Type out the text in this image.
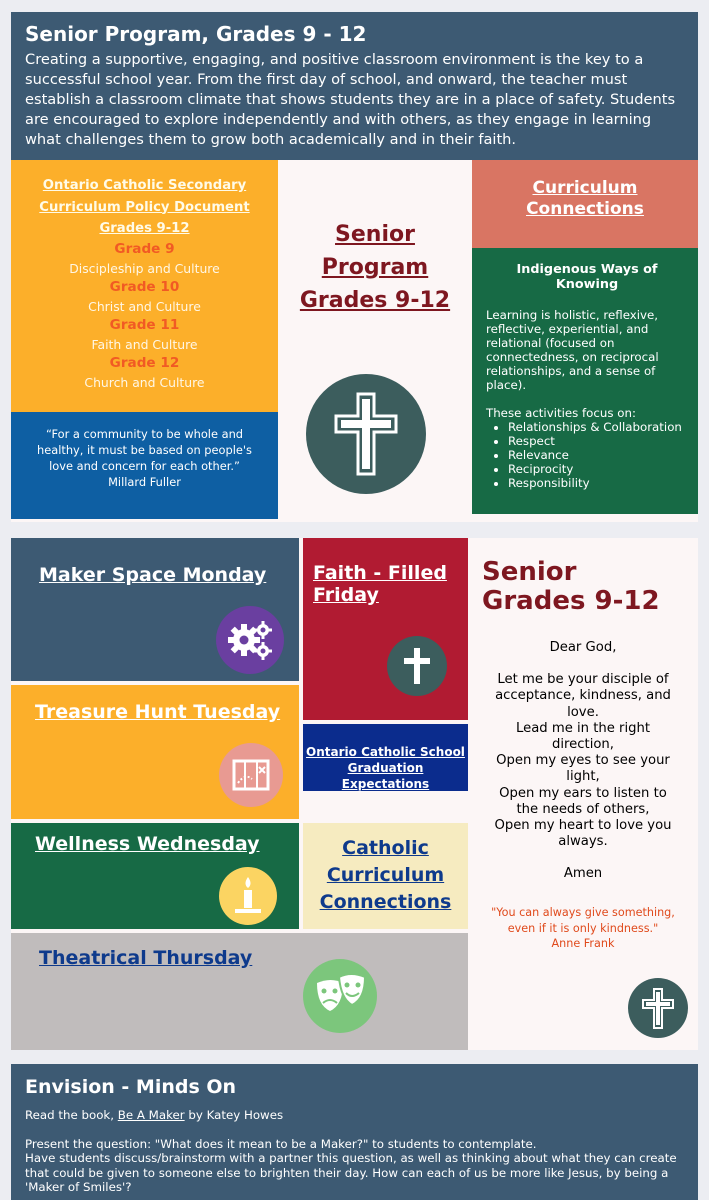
Senior Program, Grades 9 - 12

Creating a supportive, engaging, and positive classroom environment is the key to a successful school year. From the first day of school, and onward, the teacher must establish a classroom climate that shows students they are in a place of safety. Students are encouraged to explore independently and with others, as they engage in learning what challenges them to grow both academically and in their faith.

Ontario Catholic Secondary
Curriculum Policy Document
Grades 9-12
Grade 9
Discipleship and Culture
Grade 10
Christ and Culture
Grade 11
Faith and Culture
Grade 12
Church and Culture
“For a community to be whole and
healthy, it must be based on people's
love and concern for each other.”
Millard Fuller
Senior
Program
Grades 9-12
Curriculum
Connections
Indigenous Ways of Knowing
Learning is holistic, reflexive, reflective, experiential, and relational (focused on connectedness, on reciprocal relationships, and a sense of place).
These activities focus on:
• Relationships & Collaboration
• Respect
• Relevance
• Reciprocity
• Responsibility
Maker Space Monday
Treasure Hunt Tuesday
Wellness Wednesday
Theatrical Thursday
Faith - Filled
Friday
Ontario Catholic School
Graduation Expectations
Catholic
Curriculum
Connections
Senior
Grades 9-12
Dear God,
Let me be your disciple of
acceptance, kindness, and
love.
Lead me in the right
direction,
Open my eyes to see your
light,
Open my ears to listen to
the needs of others,
Open my heart to love you
always.
Amen
"You can always give something,
even if it is only kindness."
Anne Frank
Envision - Minds On

Read the book, Be A Maker by Katey Howes

Present the question: "What does it mean to be a Maker?" to students to contemplate.

Have students discuss/brainstorm with a partner this question, as well as thinking about what they can create that could be given to someone else to brighten their day. How can each of us be more like Jesus, by being a 'Maker of Smiles'?
